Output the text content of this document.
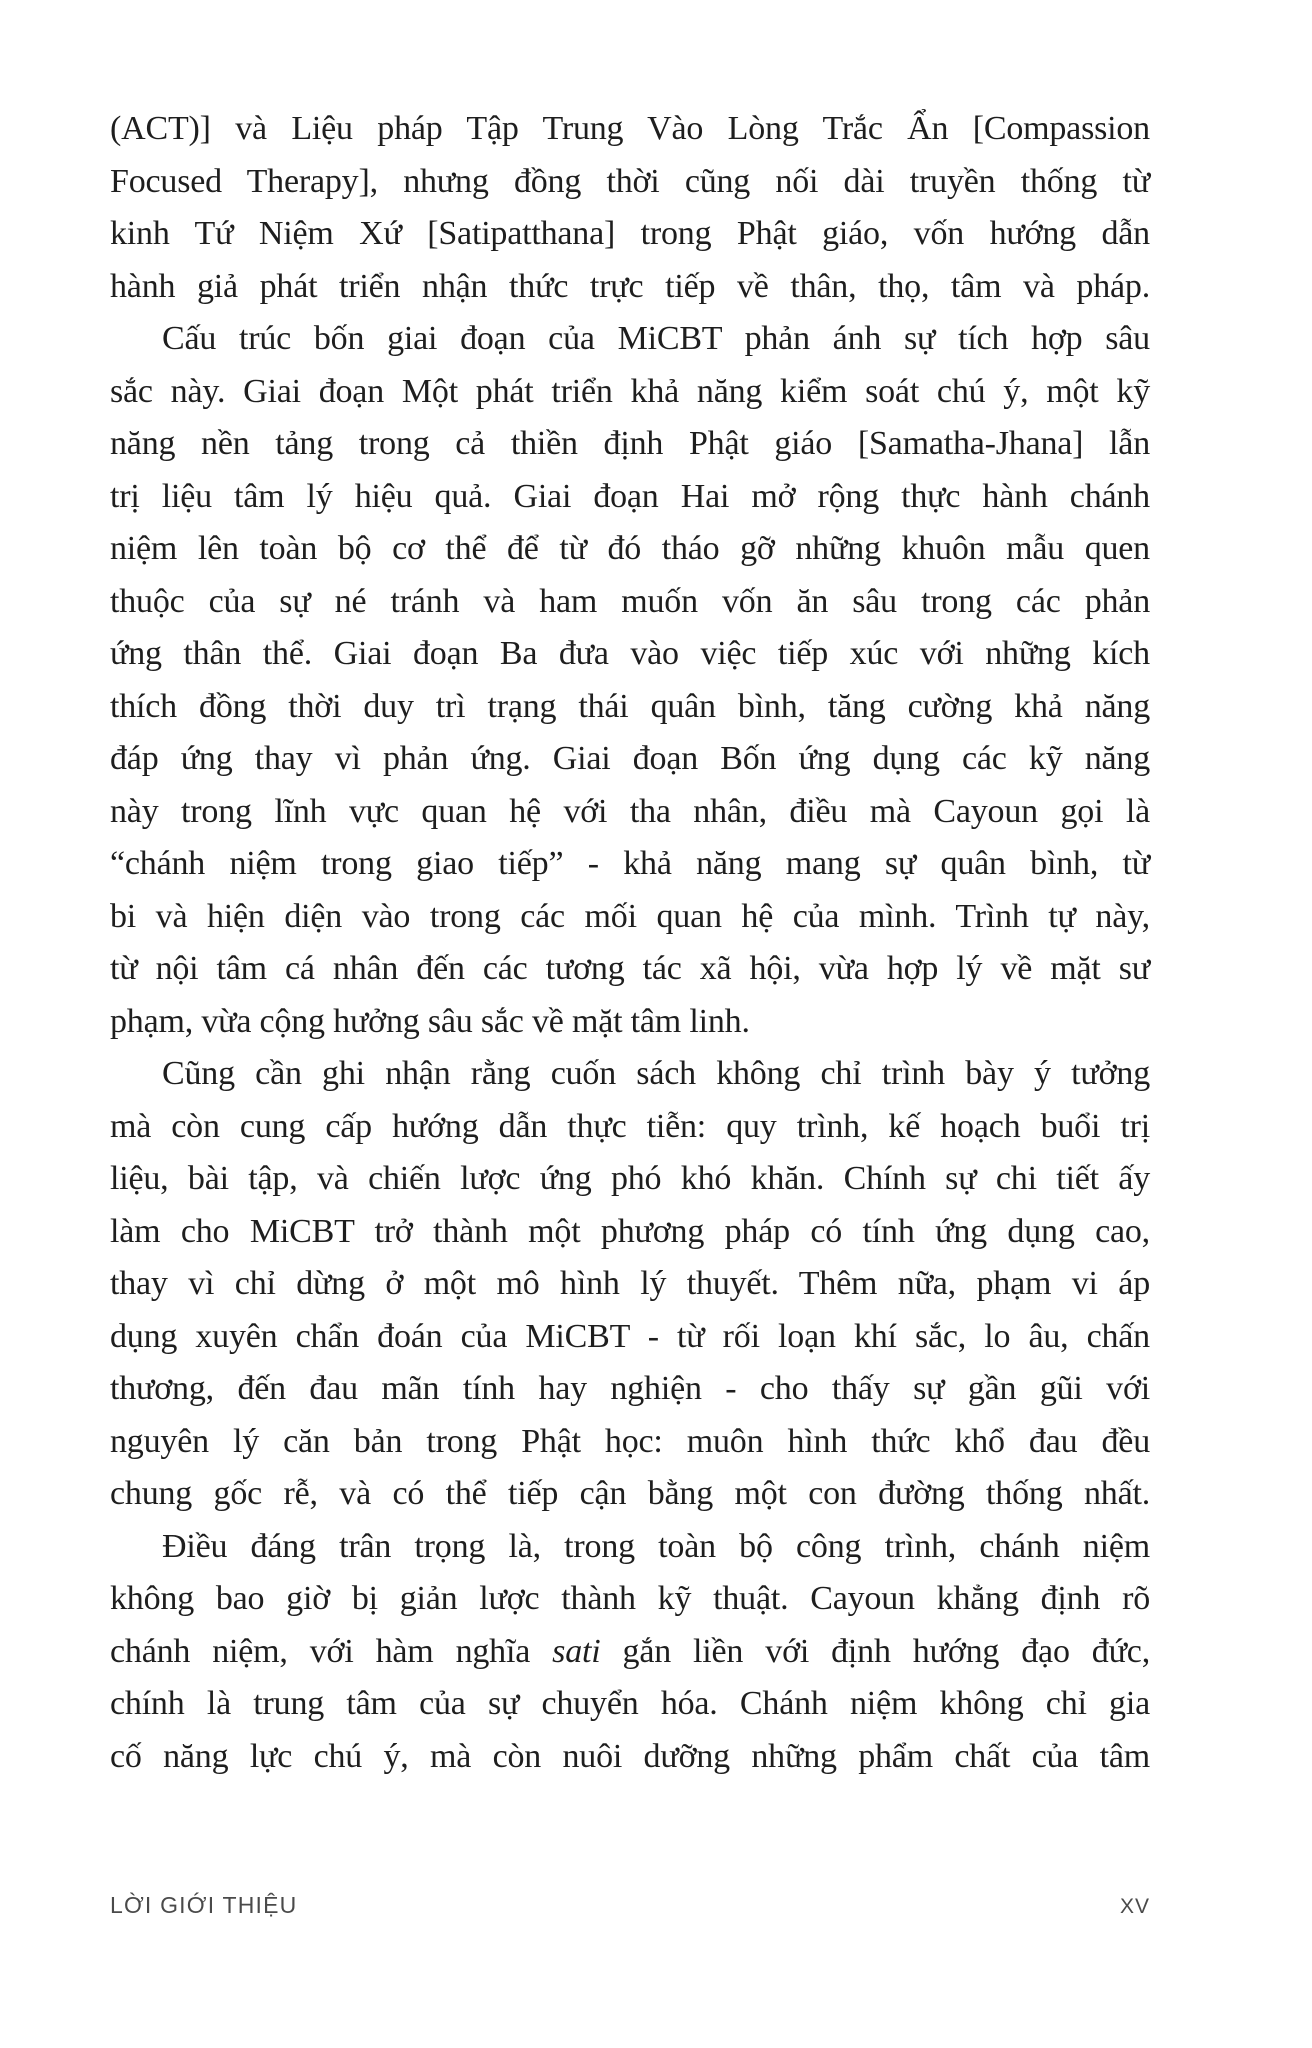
(ACT)] và Liệu pháp Tập Trung Vào Lòng Trắc Ẩn [Compassion
Focused Therapy], nhưng đồng thời cũng nối dài truyền thống từ
kinh Tứ Niệm Xứ [Satipatthana] trong Phật giáo, vốn hướng dẫn
hành giả phát triển nhận thức trực tiếp về thân, thọ, tâm và pháp.
Cấu trúc bốn giai đoạn của MiCBT phản ánh sự tích hợp sâu
sắc này. Giai đoạn Một phát triển khả năng kiểm soát chú ý, một kỹ
năng nền tảng trong cả thiền định Phật giáo [Samatha-Jhana] lẫn
trị liệu tâm lý hiệu quả. Giai đoạn Hai mở rộng thực hành chánh
niệm lên toàn bộ cơ thể để từ đó tháo gỡ những khuôn mẫu quen
thuộc của sự né tránh và ham muốn vốn ăn sâu trong các phản
ứng thân thể. Giai đoạn Ba đưa vào việc tiếp xúc với những kích
thích đồng thời duy trì trạng thái quân bình, tăng cường khả năng
đáp ứng thay vì phản ứng. Giai đoạn Bốn ứng dụng các kỹ năng
này trong lĩnh vực quan hệ với tha nhân, điều mà Cayoun gọi là
“chánh niệm trong giao tiếp” - khả năng mang sự quân bình, từ
bi và hiện diện vào trong các mối quan hệ của mình. Trình tự này,
từ nội tâm cá nhân đến các tương tác xã hội, vừa hợp lý về mặt sư
phạm, vừa cộng hưởng sâu sắc về mặt tâm linh.
Cũng cần ghi nhận rằng cuốn sách không chỉ trình bày ý tưởng
mà còn cung cấp hướng dẫn thực tiễn: quy trình, kế hoạch buổi trị
liệu, bài tập, và chiến lược ứng phó khó khăn. Chính sự chi tiết ấy
làm cho MiCBT trở thành một phương pháp có tính ứng dụng cao,
thay vì chỉ dừng ở một mô hình lý thuyết. Thêm nữa, phạm vi áp
dụng xuyên chẩn đoán của MiCBT - từ rối loạn khí sắc, lo âu, chấn
thương, đến đau mãn tính hay nghiện - cho thấy sự gần gũi với
nguyên lý căn bản trong Phật học: muôn hình thức khổ đau đều
chung gốc rễ, và có thể tiếp cận bằng một con đường thống nhất.
Điều đáng trân trọng là, trong toàn bộ công trình, chánh niệm
không bao giờ bị giản lược thành kỹ thuật. Cayoun khẳng định rõ
chánh niệm, với hàm nghĩa sati gắn liền với định hướng đạo đức,
chính là trung tâm của sự chuyển hóa. Chánh niệm không chỉ gia
cố năng lực chú ý, mà còn nuôi dưỡng những phẩm chất của tâm
LỜI GIỚI THIỆU	XV
